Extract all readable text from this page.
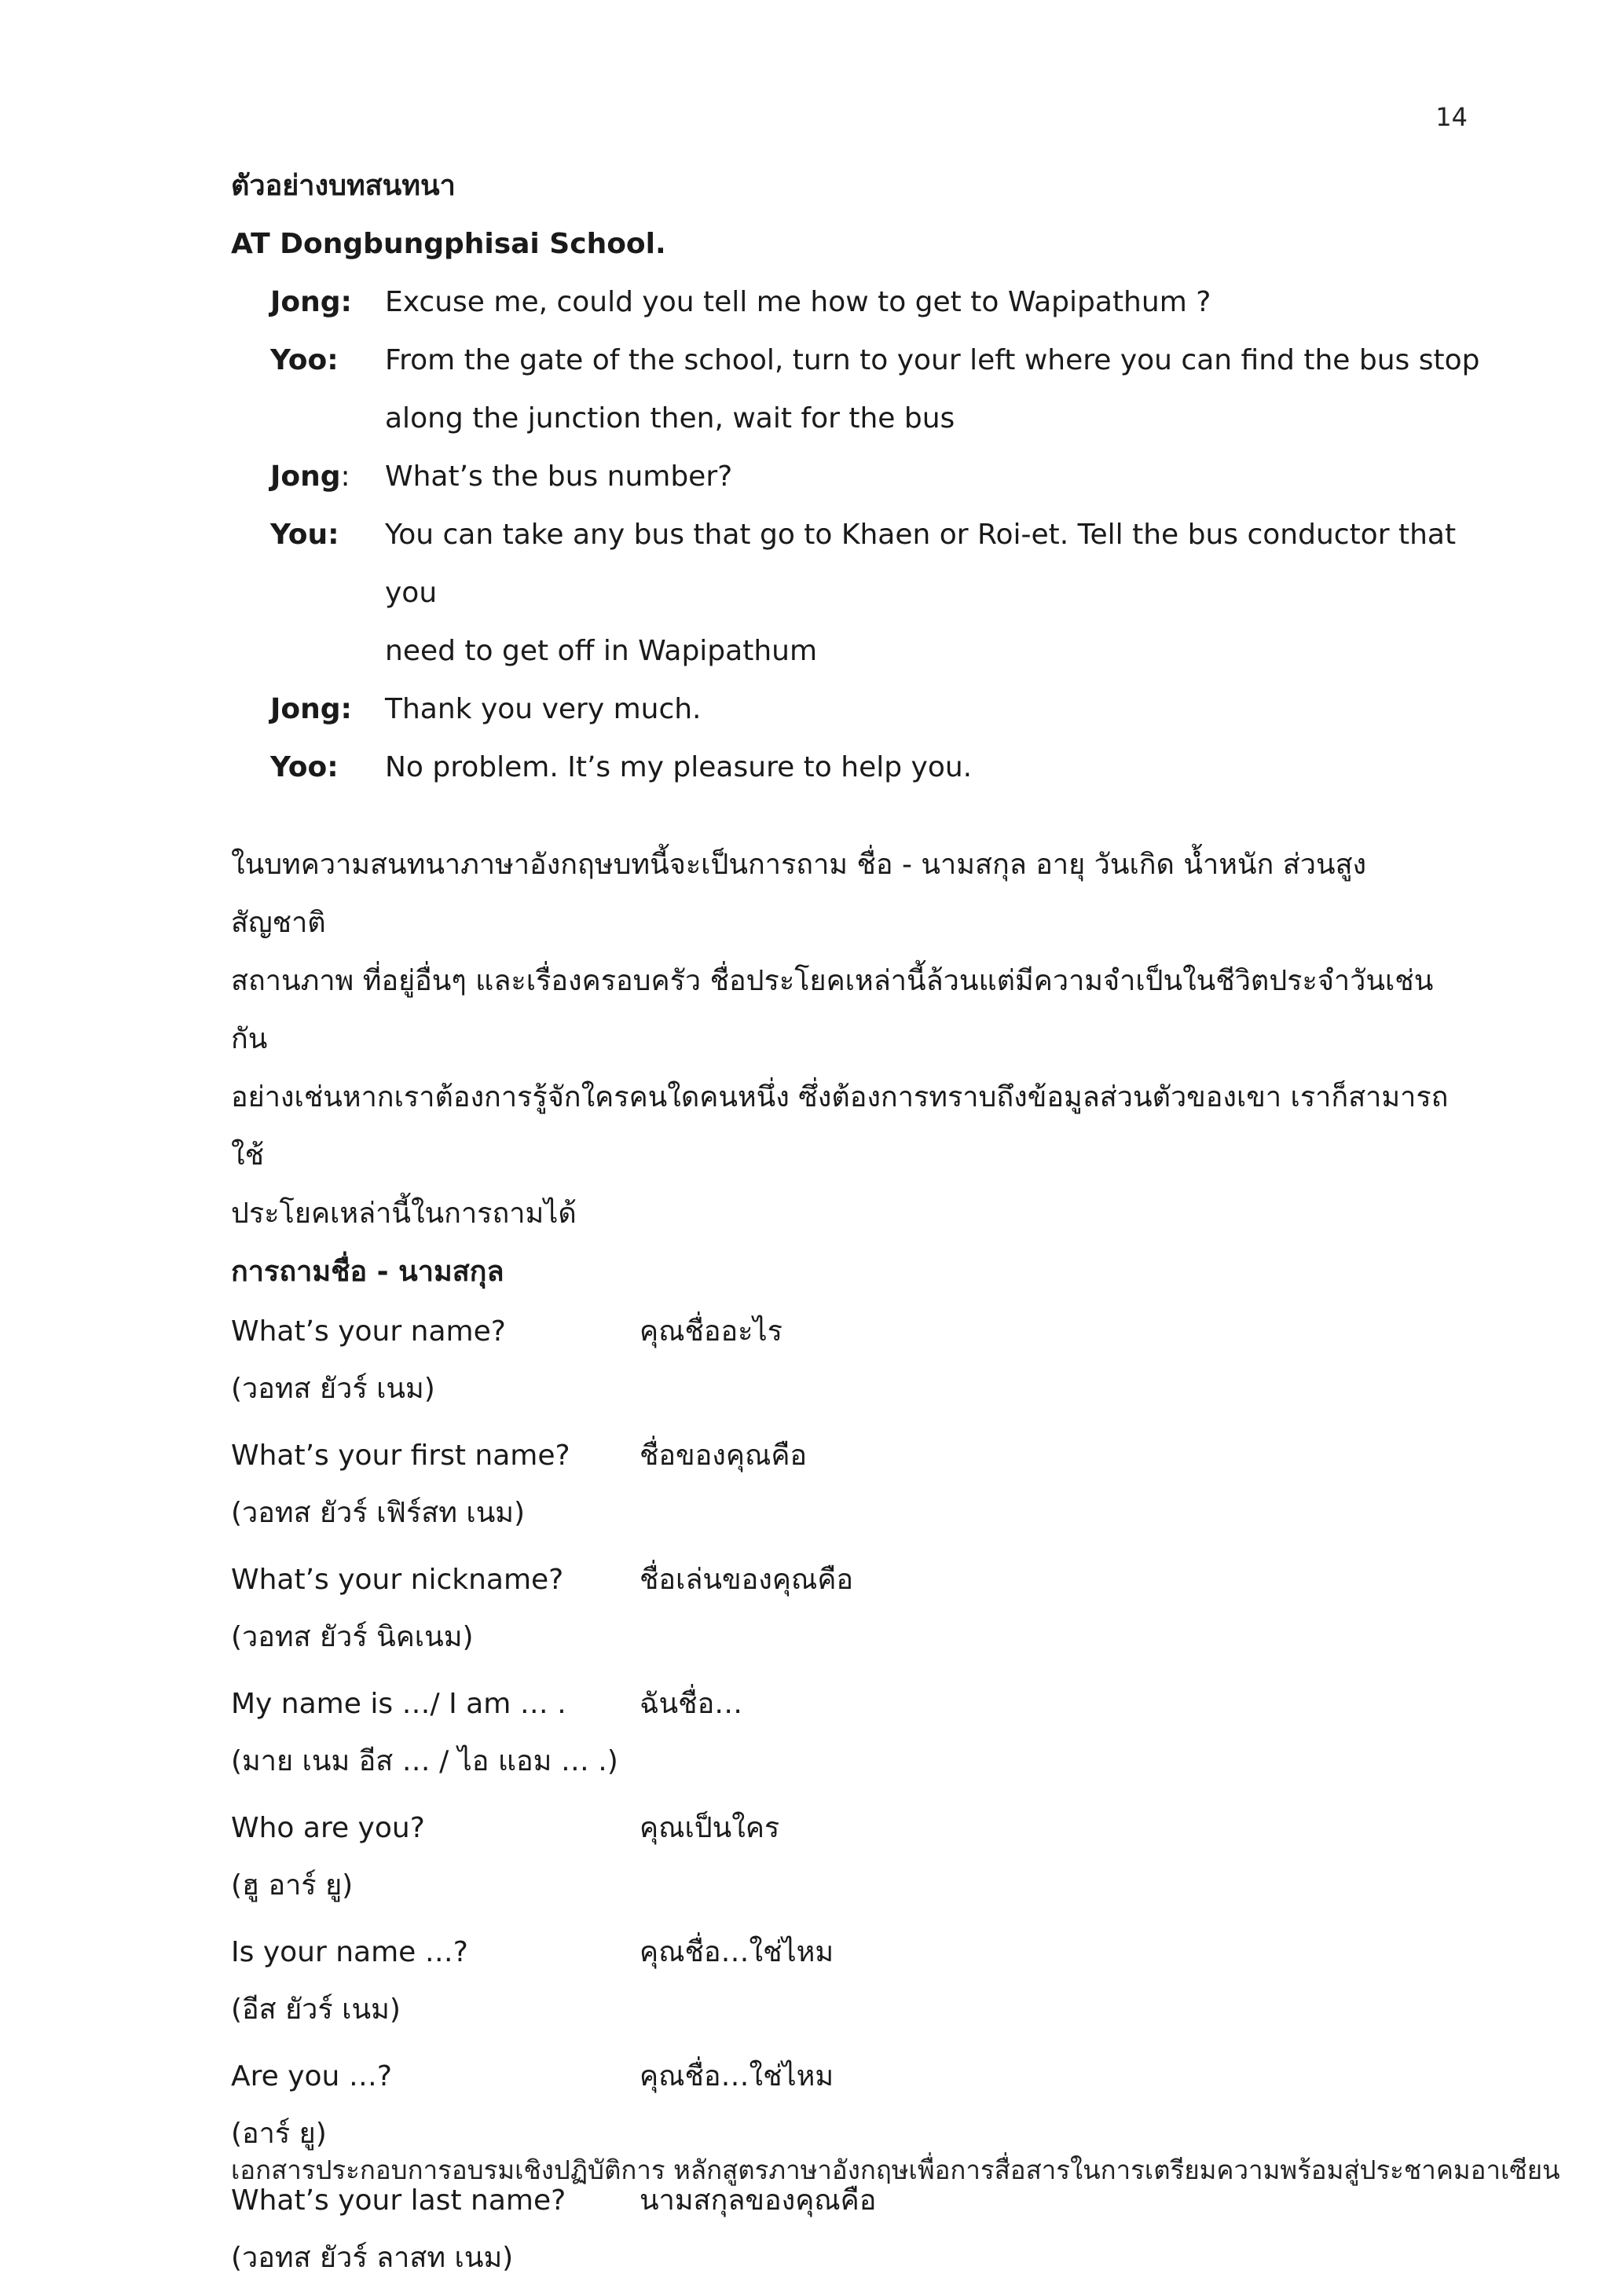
14
ตัวอย่างบทสนทนา
AT Dongbungphisai School.
Jong:	Excuse me, could you tell me how to get to Wapipathum ?
Yoo:	From the gate of the school, turn to your left where you can find the bus stop
along the junction then, wait for the bus
Jong:	What’s the bus number?
You:	You can take any bus that go to Khaen or Roi-et. Tell the bus conductor that you
need to get off in Wapipathum
Jong:	Thank you very much.
Yoo:	No problem. It’s my pleasure to help you.
ในบทความสนทนาภาษาอังกฤษบทนี้จะเป็นการถาม ชื่อ - นามสกุล อายุ วันเกิด น้ำหนัก ส่วนสูง สัญชาติ
สถานภาพ ที่อยู่อื่นๆ และเรื่องครอบครัว ชื่อประโยคเหล่านี้ล้วนแต่มีความจำเป็นในชีวิตประจำวันเช่นกัน
อย่างเช่นหากเราต้องการรู้จักใครคนใดคนหนึ่ง ซึ่งต้องการทราบถึงข้อมูลส่วนตัวของเขา เราก็สามารถใช้
ประโยคเหล่านี้ในการถามได้
การถามชื่อ - นามสกุล
What’s your name?	คุณชื่ออะไร
(วอทส ยัวร์ เนม)
What’s your first name?	ชื่อของคุณคือ
(วอทส ยัวร์ เฟิร์สท เนม)
What’s your nickname?	ชื่อเล่นของคุณคือ
(วอทส ยัวร์ นิคเนม)
My name is …/ I am … .	ฉันชื่อ…
(มาย เนม อีส … / ไอ แอม … .)
Who are you?	คุณเป็นใคร
(ฮู อาร์ ยู)
Is your name …?	คุณชื่อ…ใช่ไหม
(อีส ยัวร์ เนม)
Are you …?	คุณชื่อ…ใช่ไหม
(อาร์ ยู)
What’s your last name?	นามสกุลของคุณคือ
(วอทส ยัวร์ ลาสท เนม)
เอกสารประกอบการอบรมเชิงปฏิบัติการ หลักสูตรภาษาอังกฤษเพื่อการสื่อสารในการเตรียมความพร้อมสู่ประชาคมอาเซียน
